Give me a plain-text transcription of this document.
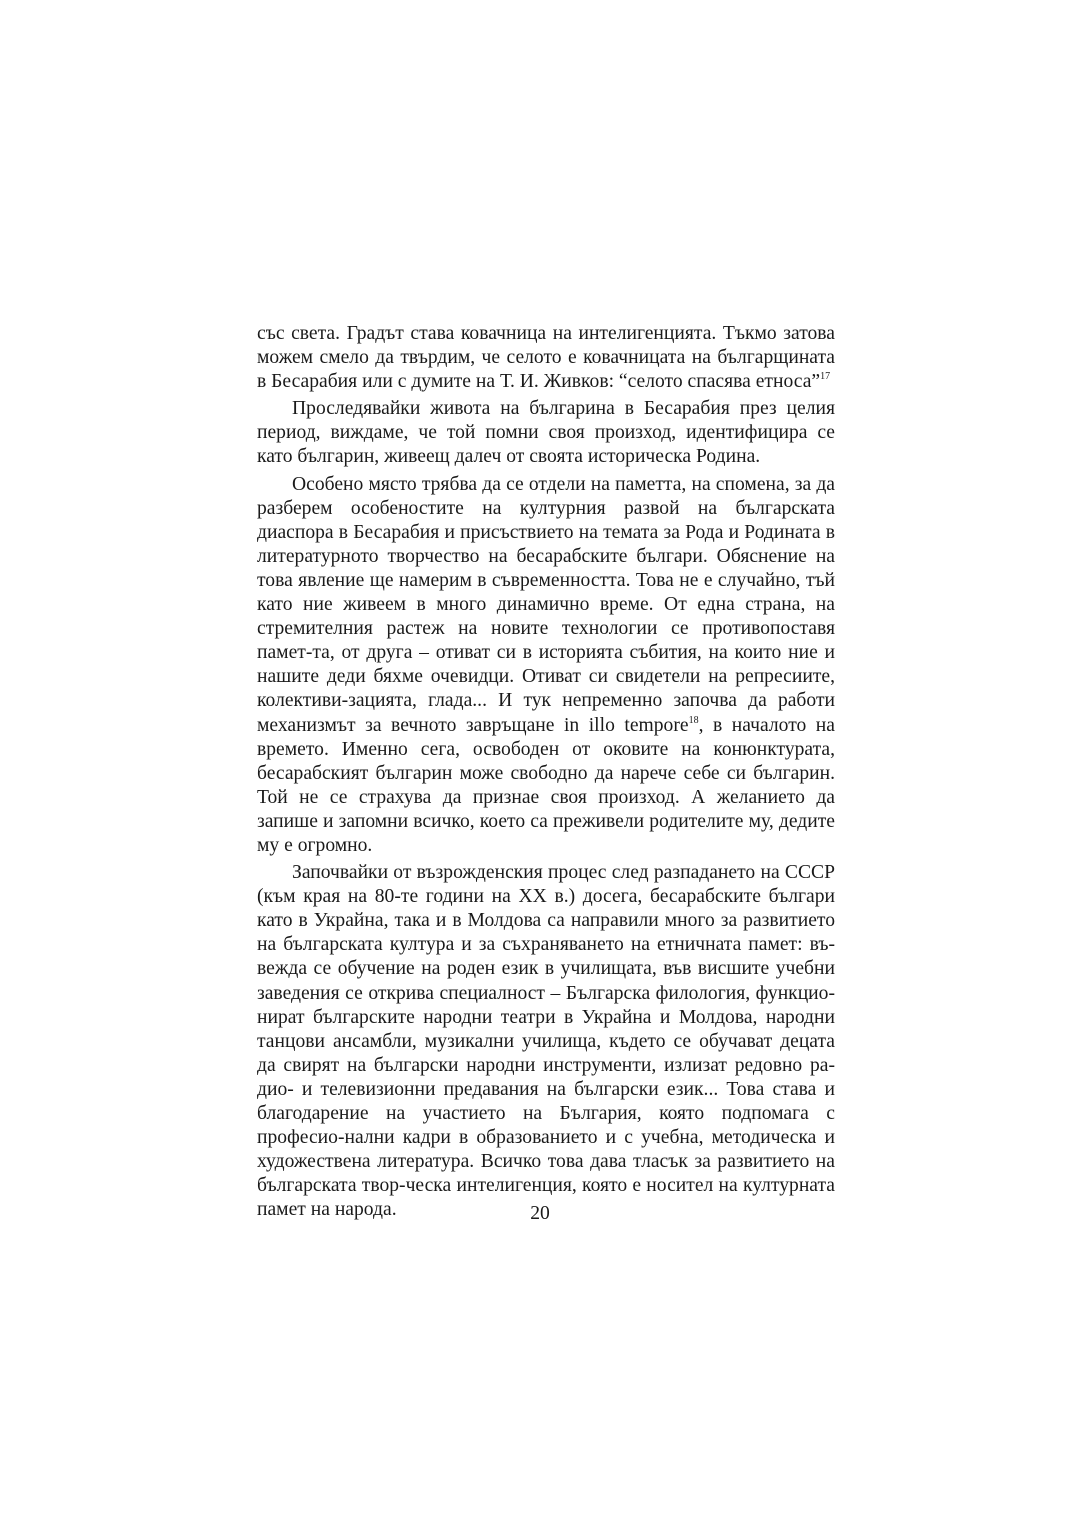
със света. Градът става ковачница на интелигенцията. Тъкмо затова можем смело да твърдим, че селото е ковачницата на българщината в Бесарабия или с думите на Т. И. Живков: “селото спасява етноса”$^{17}$

Проследявайки живота на българина в Бесарабия през целия период, виждаме, че той помни своя произход, идентифицира се като българин, живеещ далеч от своята историческа Родина.

Особено място трябва да се отдели на паметта, на спомена, за да разберем особеностите на културния развой на българската диаспора в Бесарабия и присъствието на темата за Рода и Родината в литературното творчество на бесарабските българи. Обяснение на това явление ще намерим в съвременността. Това не е случайно, тъй като ние живеем в много динамично време. От една страна, на стремителния растеж на новите технологии се противопоставя памет-та, от друга – отиват си в историята събития, на които ние и нашите деди бяхме очевидци. Отиват си свидетели на репресиите, колективи-зацията, глада... И тук непременно започва да работи механизмът за вечното завръщане in illo tempore$^{18}$, в началото на времето. Именно сега, освободен от оковите на конюнктурата, бесарабският българин може свободно да нарече себе си българин. Той не се страхува да признае своя произход. А желанието да запише и запомни всичко, което са преживели родителите му, дедите му е огромно.

Започвайки от възрожденския процес след разпадането на СССР (към края на 80-те години на XX в.) досега, бесарабските българи като в Украйна, така и в Молдова са направили много за развитието на българската култура и за съхраняването на етничната памет: въ-вежда се обучение на роден език в училищата, във висшите учебни заведения се открива специалност – Българска филология, функцио-нират българските народни театри в Украйна и Молдова, народни танцови ансамбли, музикални училища, където се обучават децата да свирят на български народни инструменти, излизат редовно ра-дио- и телевизионни предавания на български език... Това става и благодарение на участието на България, която подпомага с професио-нални кадри в образованието и с учебна, методическа и художествена литература. Всичко това дава тласък за развитието на българската твор-ческа интелигенция, която е носител на културната памет на народа.	20
